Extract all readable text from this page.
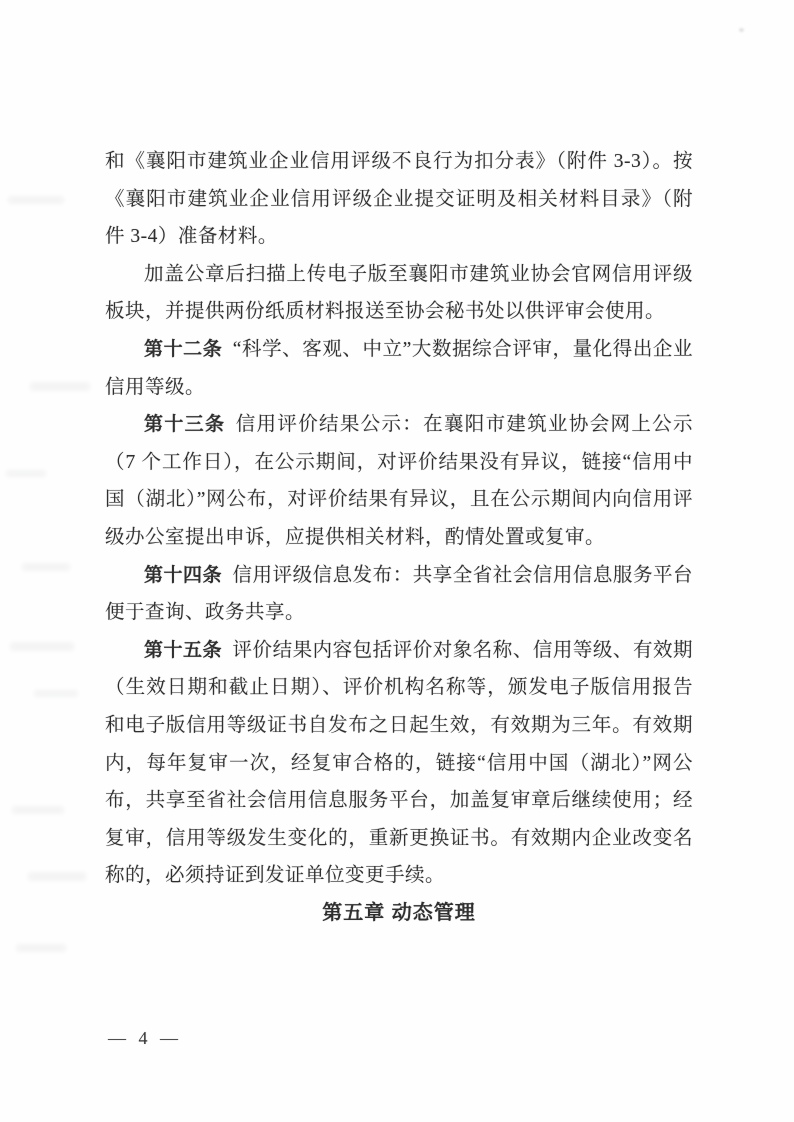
和《襄阳市建筑业企业信用评级不良行为扣分表》（附件 3-3）。按《襄阳市建筑业企业信用评级企业提交证明及相关材料目录》（附件 3-4）准备材料。

加盖公章后扫描上传电子版至襄阳市建筑业协会官网信用评级板块，并提供两份纸质材料报送至协会秘书处以供评审会使用。

第十二条 “科学、客观、中立”大数据综合评审，量化得出企业信用等级。

第十三条 信用评价结果公示：在襄阳市建筑业协会网上公示（7 个工作日），在公示期间，对评价结果没有异议，链接“信用中国（湖北）”网公布，对评价结果有异议，且在公示期间内向信用评级办公室提出申诉，应提供相关材料，酌情处置或复审。

第十四条 信用评级信息发布：共享全省社会信用信息服务平台便于查询、政务共享。

第十五条 评价结果内容包括评价对象名称、信用等级、有效期（生效日期和截止日期）、评价机构名称等，颁发电子版信用报告和电子版信用等级证书自发布之日起生效，有效期为三年。有效期内，每年复审一次，经复审合格的，链接“信用中国（湖北）”网公布，共享至省社会信用信息服务平台，加盖复审章后继续使用；经复审，信用等级发生变化的，重新更换证书。有效期内企业改变名称的，必须持证到发证单位变更手续。

第五章 动态管理
— 4 —
